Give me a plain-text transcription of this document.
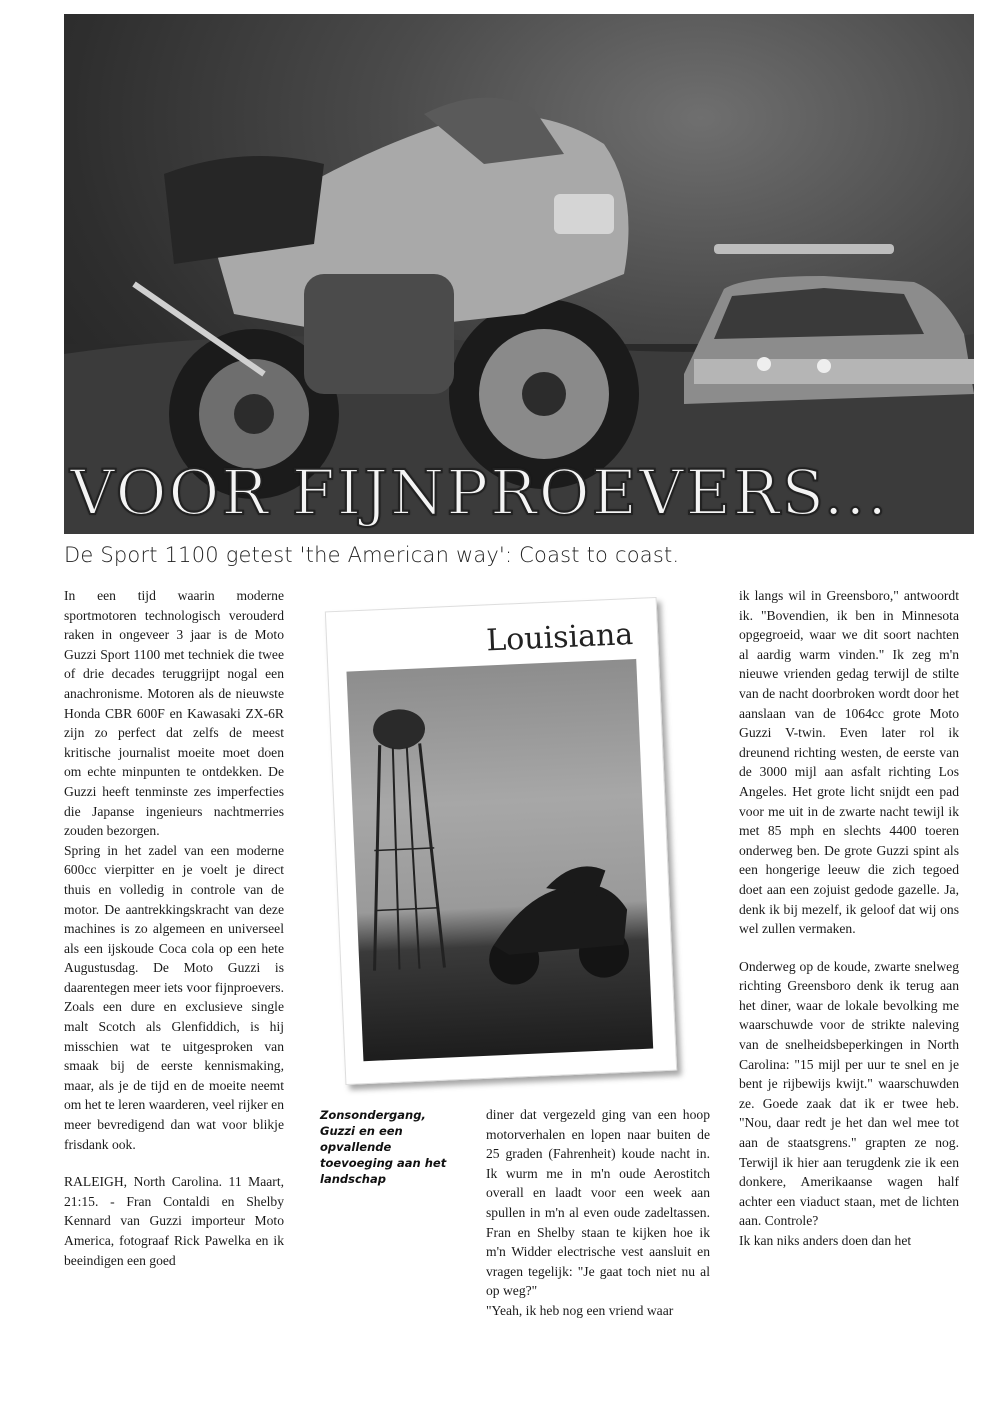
VOOR FIJNPROEVERS...
De Sport 1100 getest 'the American way': Coast to coast.

In een tijd waarin moderne sportmotoren technologisch verouderd raken in ongeveer 3 jaar is de Moto Guzzi Sport 1100 met techniek die twee of drie decades teruggrijpt nogal een anachronisme. Motoren als de nieuwste Honda CBR 600F en Kawasaki ZX-6R zijn zo perfect dat zelfs de meest kritische journalist moeite moet doen om echte minpunten te ontdekken. De Guzzi heeft tenminste zes imperfecties die Japanse ingenieurs nachtmerries zouden bezorgen.

Spring in het zadel van een moderne 600cc vierpitter en je voelt je direct thuis en volledig in controle van de motor. De aantrekkingskracht van deze machines is zo algemeen en universeel als een ijskoude Coca cola op een hete Augustusdag. De Moto Guzzi is daarentegen meer iets voor fijnproevers. Zoals een dure en exclusieve single malt Scotch als Glenfiddich, is hij misschien wat te uitgesproken van smaak bij de eerste kennismaking, maar, als je de tijd en de moeite neemt om het te leren waarderen, veel rijker en meer bevredigend dan wat voor blikje frisdank ook.

RALEIGH, North Carolina. 11 Maart, 21:15. - Fran Contaldi en Shelby Kennard van Guzzi importeur Moto America, fotograaf Rick Pawelka en ik beeindigen een goed

Louisiana
Zonsondergang, Guzzi en een opvallende toevoeging aan het landschap

diner dat vergezeld ging van een hoop motorverhalen en lopen naar buiten de 25 graden (Fahrenheit) koude nacht in. Ik wurm me in m'n oude Aerostitch overall en laadt voor een week aan spullen in m'n al even oude zadeltassen. Fran en Shelby staan te kijken hoe ik m'n Widder electrische vest aansluit en vragen tegelijk: "Je gaat toch niet nu al op weg?"

"Yeah, ik heb nog een vriend waar

ik langs wil in Greensboro," antwoordt ik. "Bovendien, ik ben in Minnesota opgegroeid, waar we dit soort nachten al aardig warm vinden." Ik zeg m'n nieuwe vrienden gedag terwijl de stilte van de nacht doorbroken wordt door het aanslaan van de 1064cc grote Moto Guzzi V-twin. Even later rol ik dreunend richting westen, de eerste van de 3000 mijl aan asfalt richting Los Angeles. Het grote licht snijdt een pad voor me uit in de zwarte nacht tewijl ik met 85 mph en slechts 4400 toeren onderweg ben. De grote Guzzi spint als een hongerige leeuw die zich tegoed doet aan een zojuist gedode gazelle. Ja, denk ik bij mezelf, ik geloof dat wij ons wel zullen vermaken.

Onderweg op de koude, zwarte snelweg richting Greensboro denk ik terug aan het diner, waar de lokale bevolking me waarschuwde voor de strikte naleving van de snelheidsbeperkingen in North Carolina: "15 mijl per uur te snel en je bent je rijbewijs kwijt." waarschuwden ze. Goede zaak dat ik er twee heb. "Nou, daar redt je het dan wel mee tot aan de staatsgrens." grapten ze nog. Terwijl ik hier aan terugdenk zie ik een donkere, Amerikaanse wagen half achter een viaduct staan, met de lichten aan. Controle?

Ik kan niks anders doen dan het
